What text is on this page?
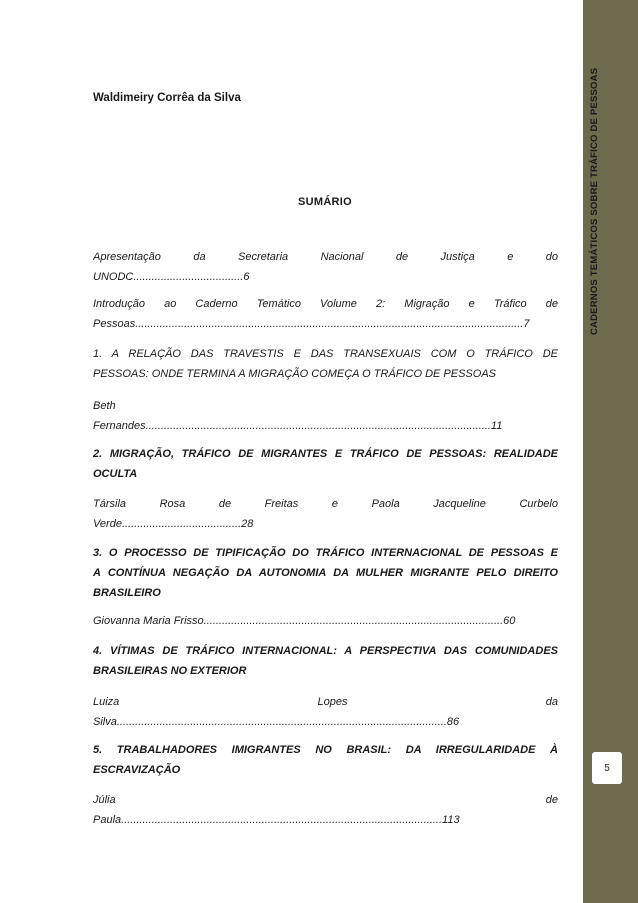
CADERNOS TEMÁTICOS SOBRE TRÁFICO DE PESSOAS
5
Waldimeiry Corrêa da Silva
SUMÁRIO
Apresentação da Secretaria Nacional de Justiça e do
UNODC....................................6
Introdução ao Caderno Temático Volume 2: Migração e Tráfico de
Pessoas...............................................................................................................................7
1. A RELAÇÃO DAS TRAVESTIS E DAS TRANSEXUAIS COM O TRÁFICO DE
PESSOAS: ONDE TERMINA A MIGRAÇÃO COMEÇA O TRÁFICO DE PESSOAS
Beth
Fernandes.................................................................................................................11
2. MIGRAÇÃO, TRÁFICO DE MIGRANTES E TRÁFICO DE PESSOAS: REALIDADE
OCULTA
Társila Rosa de Freitas e Paola Jacqueline Curbelo
Verde.......................................28
3. O PROCESSO DE TIPIFICAÇÃO DO TRÁFICO INTERNACIONAL DE PESSOAS E
A CONTÍNUA NEGAÇÃO DA AUTONOMIA DA MULHER MIGRANTE PELO DIREITO
BRASILEIRO
Giovanna Maria Frisso..................................................................................................60
4. VÍTIMAS DE TRÁFICO INTERNACIONAL: A PERSPECTIVA DAS COMUNIDADES
BRASILEIRAS NO EXTERIOR
Luiza Lopes da
Silva............................................................................................................86
5. TRABALHADORES IMIGRANTES NO BRASIL: DA IRREGULARIDADE À
ESCRAVIZAÇÃO
Júlia de
Paula.........................................................................................................113
